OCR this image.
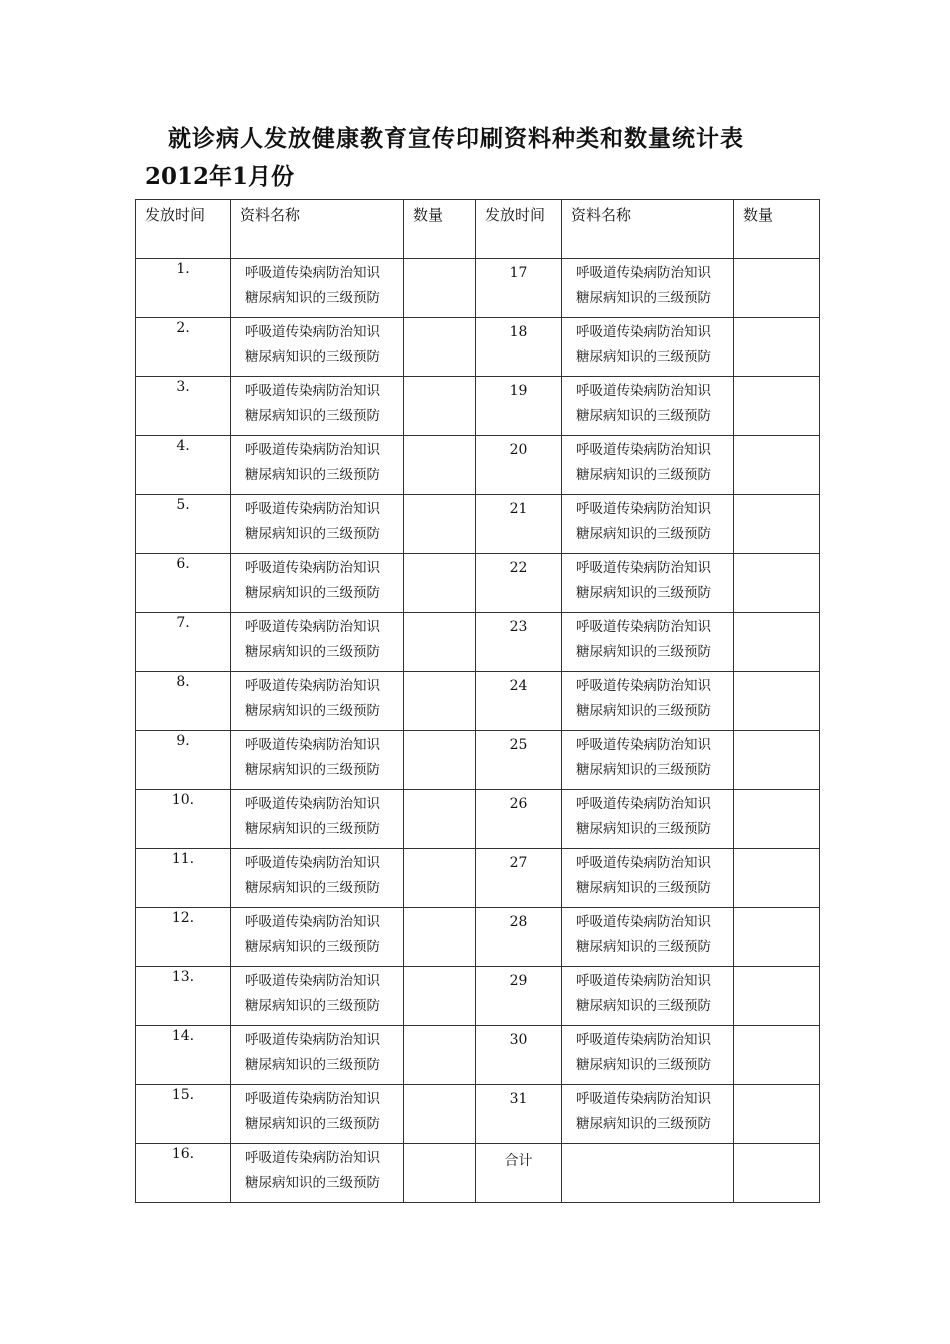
就诊病人发放健康教育宣传印刷资料种类和数量统计表
2012年1月份
发放时间	资料名称	数量	发放时间	资料名称	数量

1.	呼吸道传染病防治知识
糖尿病知识的三级预防		17	呼吸道传染病防治知识
糖尿病知识的三级预防	

2.	呼吸道传染病防治知识
糖尿病知识的三级预防		18	呼吸道传染病防治知识
糖尿病知识的三级预防	

3.	呼吸道传染病防治知识
糖尿病知识的三级预防		19	呼吸道传染病防治知识
糖尿病知识的三级预防	

4.	呼吸道传染病防治知识
糖尿病知识的三级预防		20	呼吸道传染病防治知识
糖尿病知识的三级预防	

5.	呼吸道传染病防治知识
糖尿病知识的三级预防		21	呼吸道传染病防治知识
糖尿病知识的三级预防	

6.	呼吸道传染病防治知识
糖尿病知识的三级预防		22	呼吸道传染病防治知识
糖尿病知识的三级预防	

7.	呼吸道传染病防治知识
糖尿病知识的三级预防		23	呼吸道传染病防治知识
糖尿病知识的三级预防	

8.	呼吸道传染病防治知识
糖尿病知识的三级预防		24	呼吸道传染病防治知识
糖尿病知识的三级预防	

9.	呼吸道传染病防治知识
糖尿病知识的三级预防		25	呼吸道传染病防治知识
糖尿病知识的三级预防	

10.	呼吸道传染病防治知识
糖尿病知识的三级预防		26	呼吸道传染病防治知识
糖尿病知识的三级预防	

11.	呼吸道传染病防治知识
糖尿病知识的三级预防		27	呼吸道传染病防治知识
糖尿病知识的三级预防	

12.	呼吸道传染病防治知识
糖尿病知识的三级预防		28	呼吸道传染病防治知识
糖尿病知识的三级预防	

13.	呼吸道传染病防治知识
糖尿病知识的三级预防		29	呼吸道传染病防治知识
糖尿病知识的三级预防	

14.	呼吸道传染病防治知识
糖尿病知识的三级预防		30	呼吸道传染病防治知识
糖尿病知识的三级预防	

15.	呼吸道传染病防治知识
糖尿病知识的三级预防		31	呼吸道传染病防治知识
糖尿病知识的三级预防	

16.	呼吸道传染病防治知识
糖尿病知识的三级预防		合计		
